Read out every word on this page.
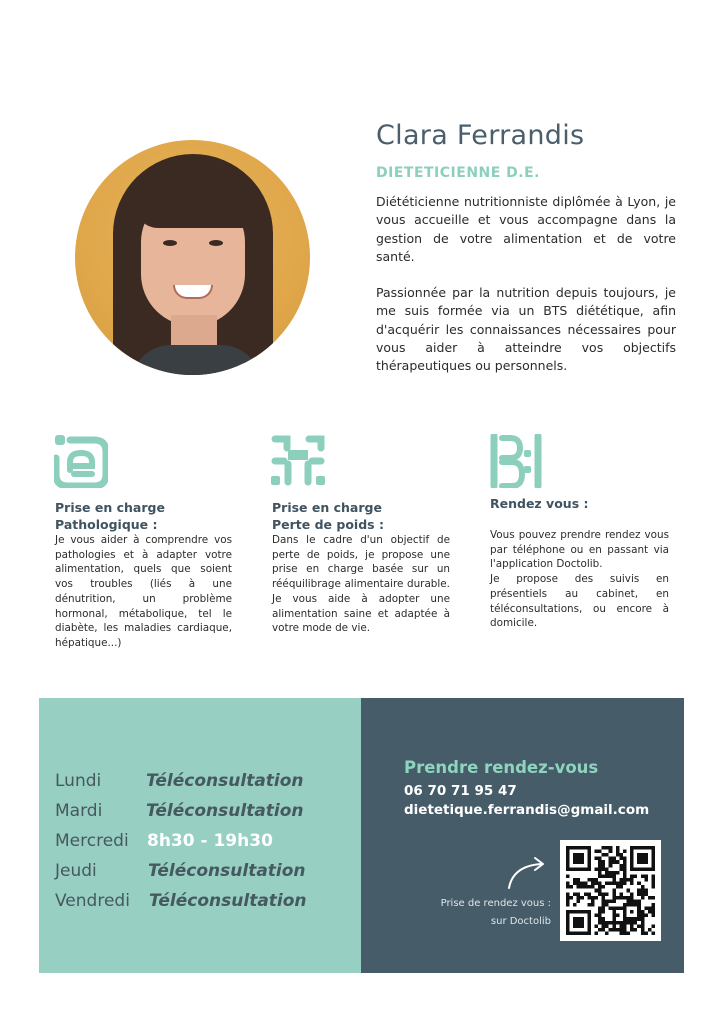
Clara Ferrandis
DIETETICIENNE D.E.

Diététicienne nutritionniste diplômée à Lyon, je vous accueille et vous accompagne dans la gestion de votre alimentation et de votre santé.

Passionnée par la nutrition depuis toujours, je me suis formée via un BTS diététique, afin d'acquérir les connaissances nécessaires pour vous aider à atteindre vos objectifs thérapeutiques ou personnels.

Prise en charge
Pathologique :

Je vous aider à comprendre vos pathologies et à adapter votre alimentation, quels que soient vos troubles (liés à une dénutrition, un problème hormonal, métabolique, tel le diabète, les maladies cardiaque, hépatique...)

Prise en charge
Perte de poids :

Dans le cadre d'un objectif de perte de poids, je propose une prise en charge basée sur un rééquilibrage alimentaire durable. Je vous aide à adopter une alimentation saine et adaptée à votre mode de vie.

Rendez vous :

Vous pouvez prendre rendez vous par téléphone ou en passant via l'application Doctolib.

Je propose des suivis en présentiels au cabinet, en téléconsultations, ou encore à domicile.

Lundi	Téléconsultation
Mardi	Téléconsultation
Mercredi 8h30 - 19h30
Jeudi	Téléconsultation
Vendredi Téléconsultation
Prendre rendez-vous
06 70 71 95 47
dietetique.ferrandis@gmail.com
Prise de rendez vous :
sur Doctolib
